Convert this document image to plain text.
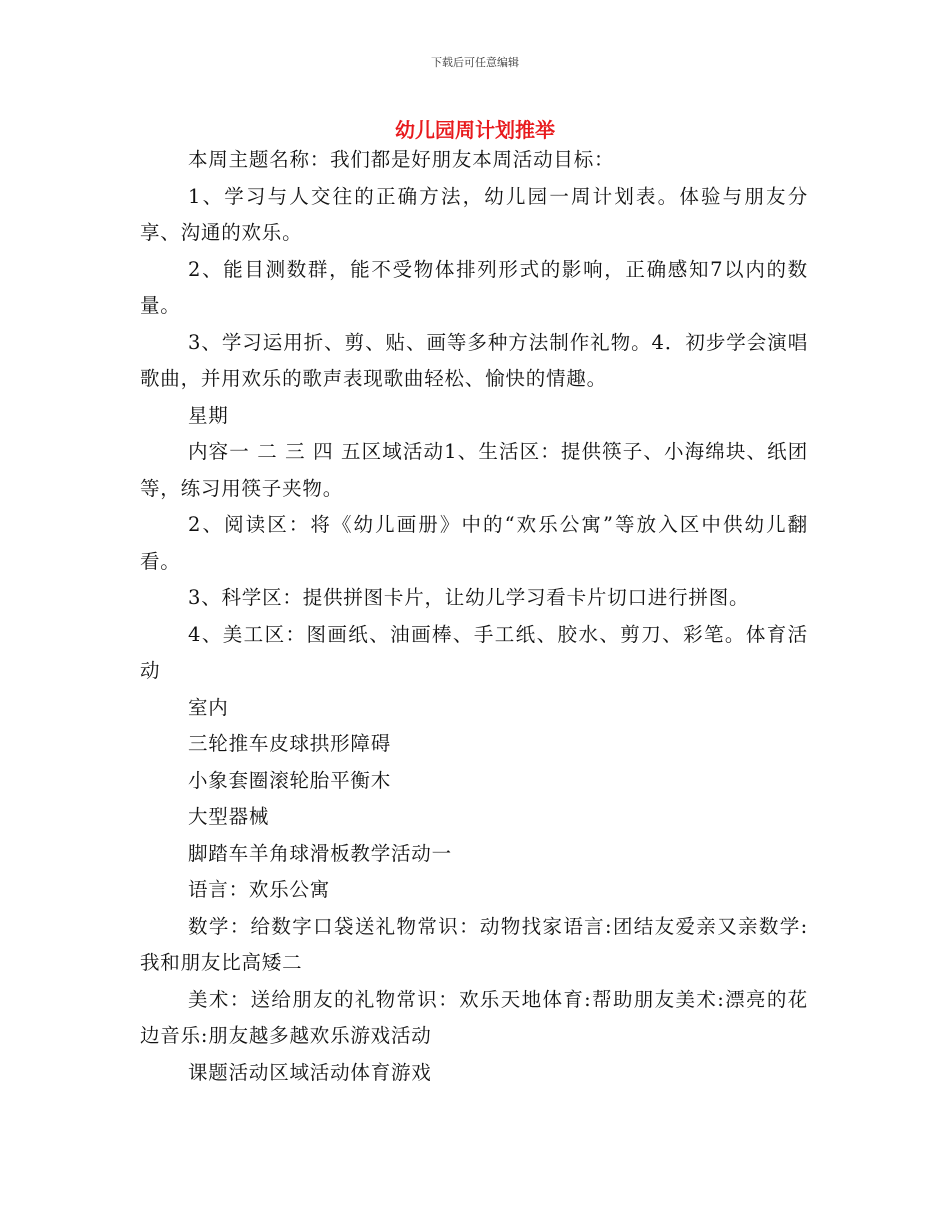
下载后可任意编辑
幼儿园周计划推举

本周主题名称：我们都是好朋友本周活动目标：

1、学习与人交往的正确方法，幼儿园一周计划表。体验与朋友分享、沟通的欢乐。

2、能目测数群，能不受物体排列形式的影响，正确感知7以内的数量。

3、学习运用折、剪、贴、画等多种方法制作礼物。4．初步学会演唱歌曲，并用欢乐的歌声表现歌曲轻松、愉快的情趣。

星期

内容一 二 三 四 五区域活动1、生活区：提供筷子、小海绵块、纸团等，练习用筷子夹物。

2、阅读区：将《幼儿画册》中的“欢乐公寓”等放入区中供幼儿翻看。

3、科学区：提供拼图卡片，让幼儿学习看卡片切口进行拼图。

4、美工区：图画纸、油画棒、手工纸、胶水、剪刀、彩笔。体育活动

室内

三轮推车皮球拱形障碍

小象套圈滚轮胎平衡木

大型器械

脚踏车羊角球滑板教学活动一

语言：欢乐公寓

数学：给数字口袋送礼物常识：动物找家语言:团结友爱亲又亲数学:我和朋友比高矮二

美术：送给朋友的礼物常识：欢乐天地体育:帮助朋友美术:漂亮的花边音乐:朋友越多越欢乐游戏活动

课题活动区域活动体育游戏
